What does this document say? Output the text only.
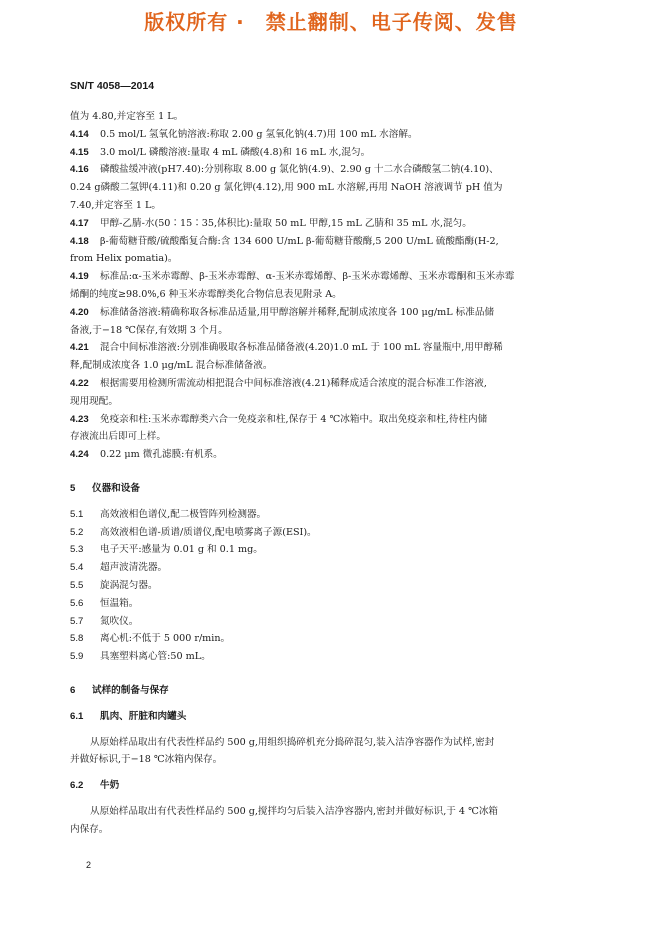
版权所有 ·　禁止翻制、电子传阅、发售
SN/T 4058—2014
值为 4.80,并定容至 1 L。
4.14 0.5 mol/L 氢氧化钠溶液:称取 2.00 g 氢氧化钠(4.7)用 100 mL 水溶解。
4.15 3.0 mol/L 磷酸溶液:量取 4 mL 磷酸(4.8)和 16 mL 水,混匀。
4.16 磷酸盐缓冲液(pH7.40):分别称取 8.00 g 氯化钠(4.9)、2.90 g 十二水合磷酸氢二钠(4.10)、
0.24 g磷酸二氢钾(4.11)和 0.20 g 氯化钾(4.12),用 900 mL 水溶解,再用 NaOH 溶液调节 pH 值为
7.40,并定容至 1 L。
4.17 甲醇-乙腈-水(50∶15∶35,体积比):量取 50 mL 甲醇,15 mL 乙腈和 35 mL 水,混匀。
4.18 β-葡萄糖苷酸/硫酸酯复合酶:含 134 600 U/mL β-葡萄糖苷酸酶,5 200 U/mL 硫酸酯酶(H-2,
from Helix pomatia)。
4.19 标准品:α-玉米赤霉醇、β-玉米赤霉醇、α-玉米赤霉烯醇、β-玉米赤霉烯醇、玉米赤霉酮和玉米赤霉
烯酮的纯度≥98.0%,6 种玉米赤霉醇类化合物信息表见附录 A。
4.20 标准储备溶液:精确称取各标准品适量,用甲醇溶解并稀释,配制成浓度各 100 μg/mL 标准品储
备液,于−18 ℃保存,有效期 3 个月。
4.21 混合中间标准溶液:分别准确吸取各标准品储备液(4.20)1.0 mL 于 100 mL 容量瓶中,用甲醇稀
释,配制成浓度各 1.0 μg/mL 混合标准储备液。
4.22 根据需要用检测所需流动相把混合中间标准溶液(4.21)稀释成适合浓度的混合标准工作溶液,
现用现配。
4.23 免疫亲和柱:玉米赤霉醇类六合一免疫亲和柱,保存于 4 ℃冰箱中。取出免疫亲和柱,待柱内储
存液流出后即可上样。
4.24 0.22 μm 微孔滤膜:有机系。
5 仪器和设备
5.1 高效液相色谱仪,配二极管阵列检测器。
5.2 高效液相色谱-质谱/质谱仪,配电喷雾离子源(ESI)。
5.3 电子天平:感量为 0.01 g 和 0.1 mg。
5.4 超声波清洗器。
5.5 旋涡混匀器。
5.6 恒温箱。
5.7 氮吹仪。
5.8 离心机:不低于 5 000 r/min。
5.9 具塞塑料离心管:50 mL。
6 试样的制备与保存
6.1 肌肉、肝脏和肉罐头
从原始样品取出有代表性样品约 500 g,用组织捣碎机充分捣碎混匀,装入洁净容器作为试样,密封
并做好标识,于−18 ℃冰箱内保存。
6.2 牛奶
从原始样品取出有代表性样品约 500 g,搅拌均匀后装入洁净容器内,密封并做好标识,于 4 ℃冰箱
内保存。
2
